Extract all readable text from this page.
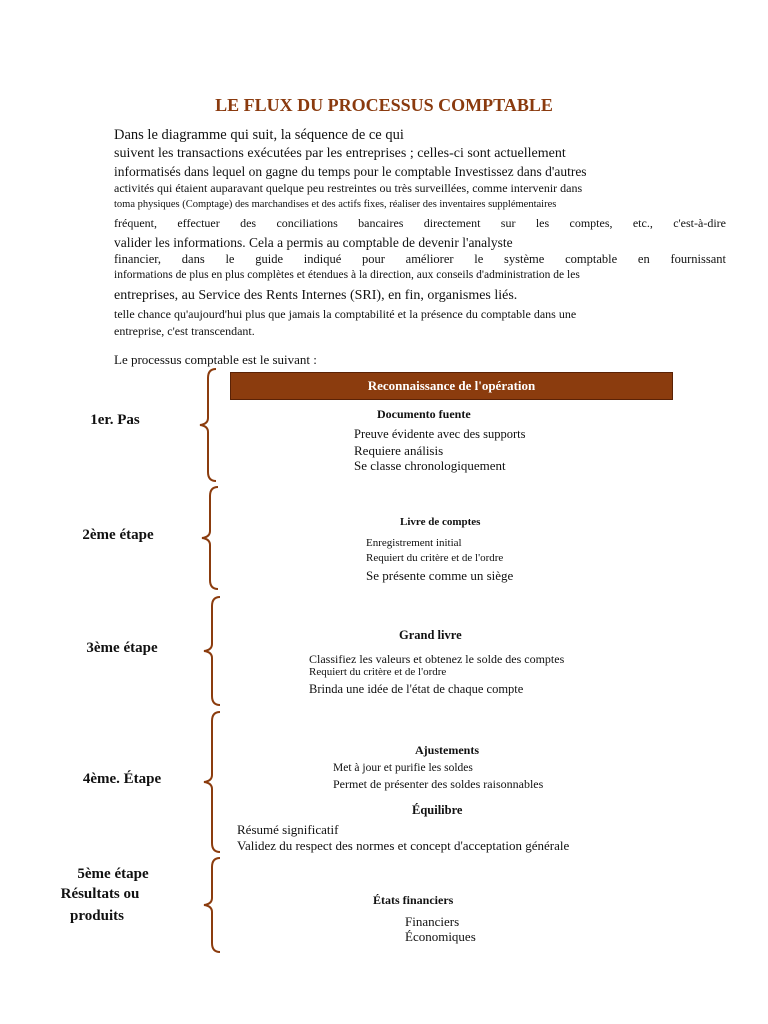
LE FLUX DU PROCESSUS COMPTABLE
Dans le diagramme qui suit, la séquence de ce qui
suivent les transactions exécutées par les entreprises ; celles-ci sont actuellement
informatisés dans lequel on gagne du temps pour le comptable Investissez dans d'autres
activités qui étaient auparavant quelque peu restreintes ou très surveillées, comme intervenir dans
toma physiques (Comptage) des marchandises et des actifs fixes, réaliser des inventaires supplémentaires
fréquent, effectuer des conciliations bancaires directement sur les comptes, etc., c'est-à-dire
valider les informations. Cela a permis au comptable de devenir l'analyste
financier, dans le guide indiqué pour améliorer le système comptable en fournissant
informations de plus en plus complètes et étendues à la direction, aux conseils d'administration de les
entreprises, au Service des Rents Internes (SRI), en fin, organismes liés.
telle chance qu'aujourd'hui plus que jamais la comptabilité et la présence du comptable dans une
entreprise, c'est transcendant.
Le processus comptable est le suivant :
Reconnaissance de l'opération
1er. Pas	Documento fuente
Preuve évidente avec des supports
Requiere análisis
Se classe chronologiquement
2ème étape
Livre de comptes
Enregistrement initial
Requiert du critère et de l'ordre
Se présente comme un siège
3ème étape
Grand livre
Classifiez les valeurs et obtenez le solde des comptes
Requiert du critère et de l'ordre
Brinda une idée de l'état de chaque compte
4ème. Étape
Ajustements
Met à jour et purifie les soldes
Permet de présenter des soldes raisonnables
Équilibre
Résumé significatif
Validez du respect des normes et concept d'acceptation générale
5ème étape
Résultats ou
produits
États financiers
Financiers
Économiques
